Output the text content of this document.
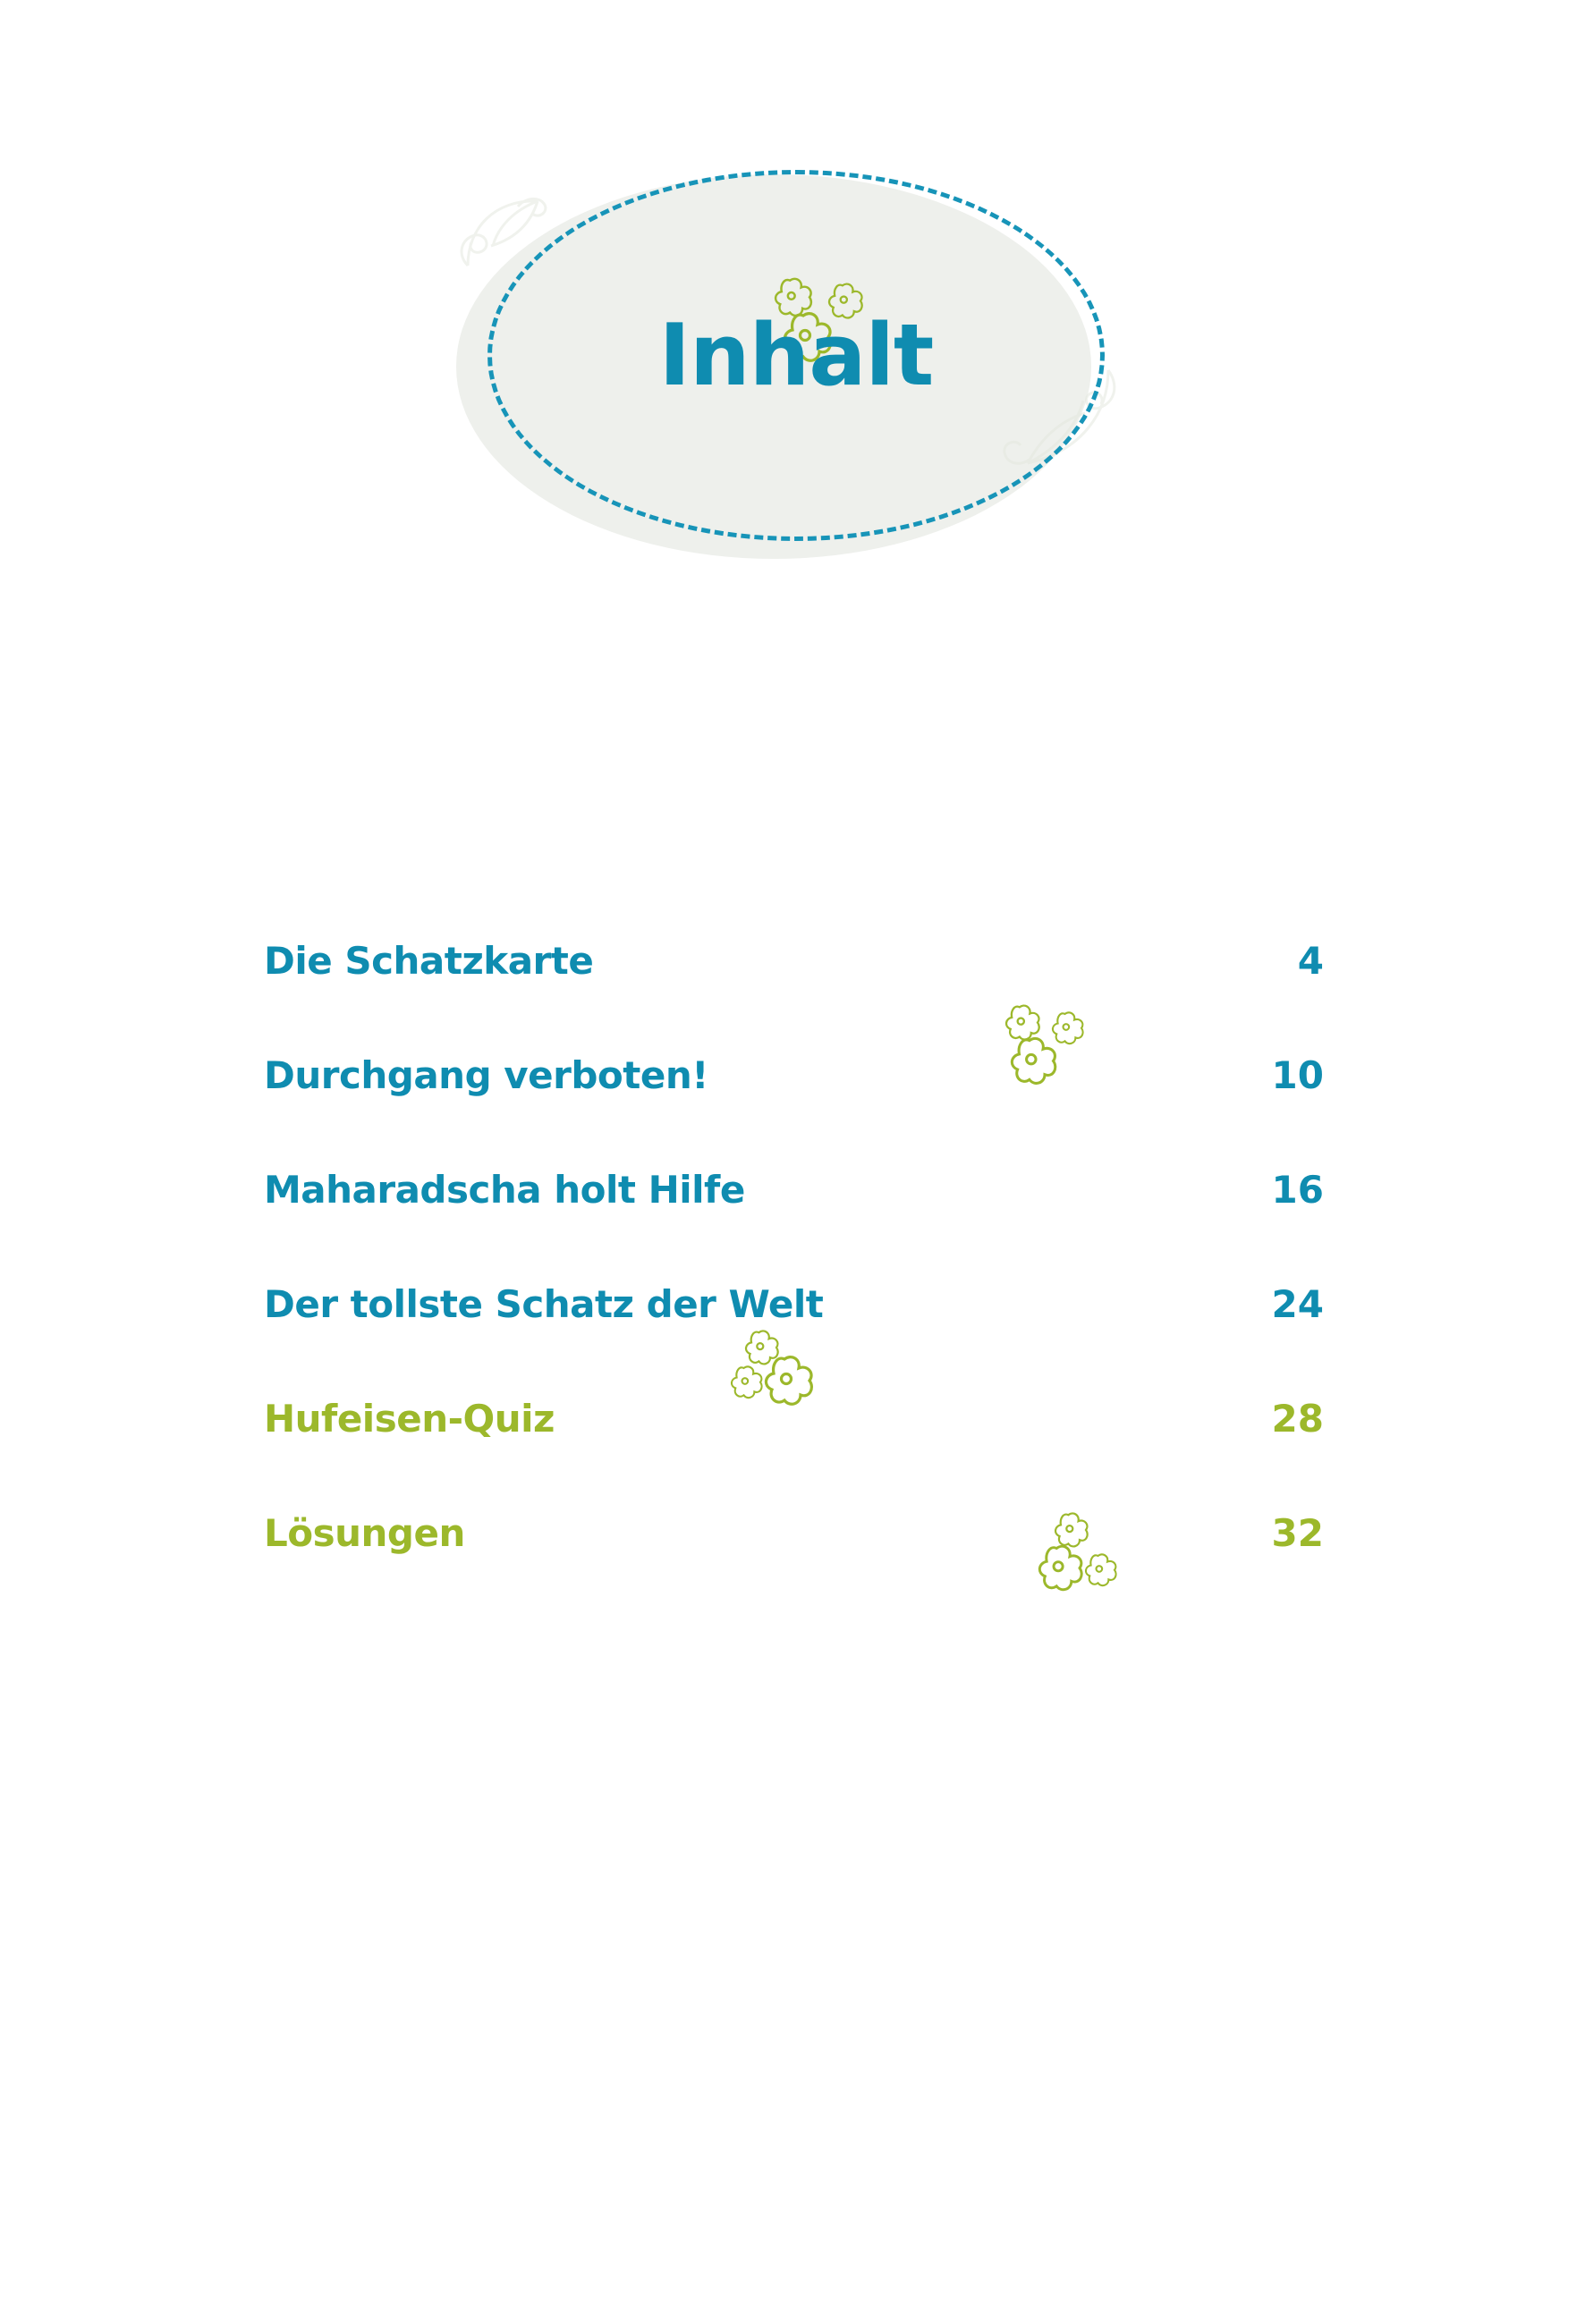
Inhalt
Die Schatzkarte	4
Durchgang verboten!	10
Maharadscha holt Hilfe	16
Der tollste Schatz der Welt	24
Hufeisen-Quiz	28
Lösungen	32
